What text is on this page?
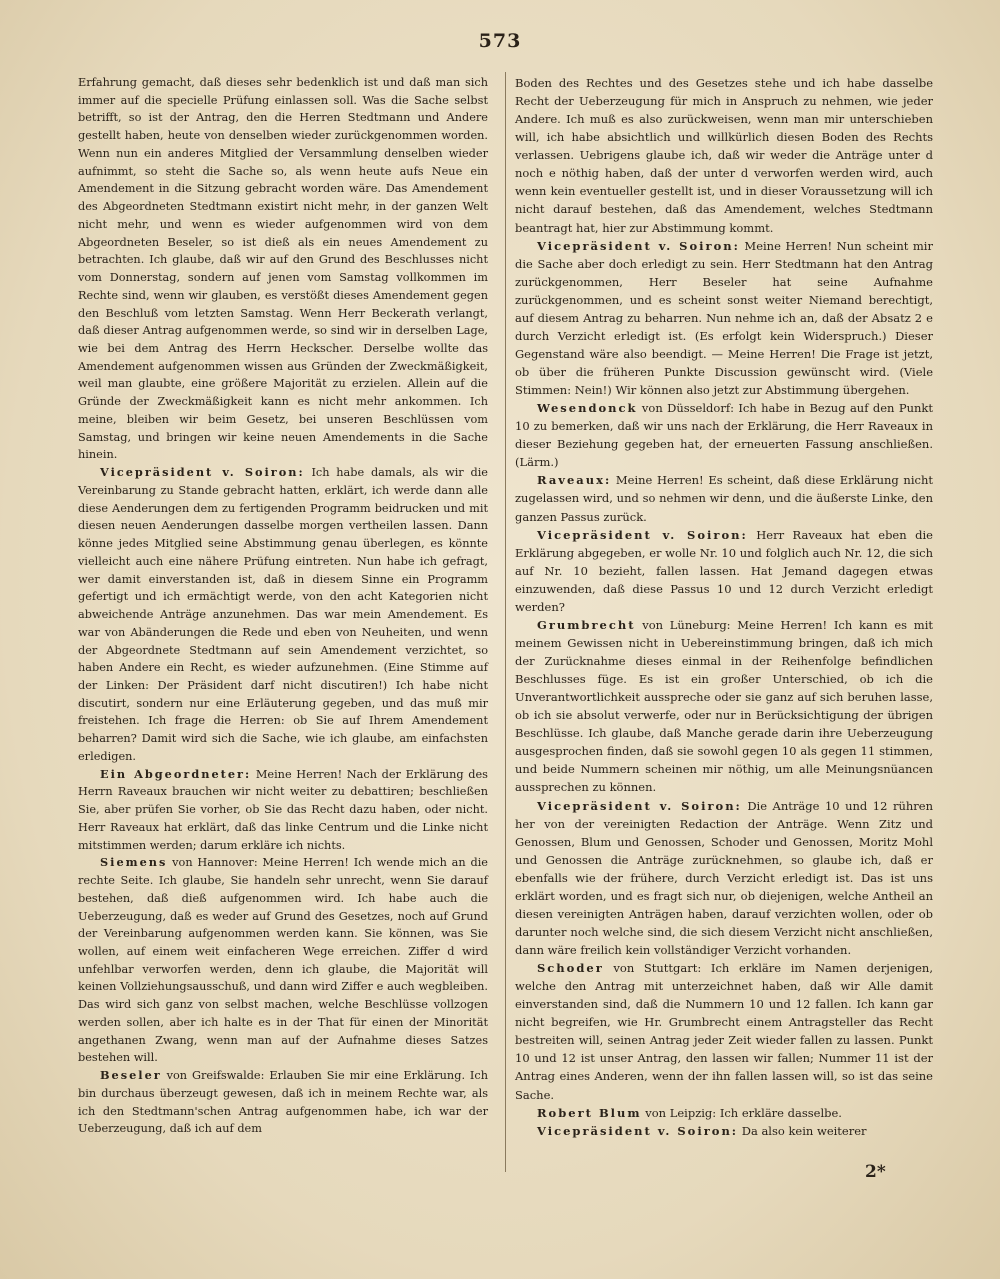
573

Erfahrung gemacht, daß dieses sehr bedenklich ist und daß man sich immer auf die specielle Prüfung einlassen soll. Was die Sache selbst betrifft, so ist der Antrag, den die Herren Stedtmann und Andere gestellt haben, heute von denselben wieder zurückgenommen worden. Wenn nun ein anderes Mitglied der Versammlung denselben wieder aufnimmt, so steht die Sache so, als wenn heute aufs Neue ein Amendement in die Sitzung gebracht worden wäre. Das Amendement des Abgeordneten Stedtmann existirt nicht mehr, in der ganzen Welt nicht mehr, und wenn es wieder aufgenommen wird von dem Abgeordneten Beseler, so ist dieß als ein neues Amendement zu betrachten. Ich glaube, daß wir auf den Grund des Beschlusses nicht vom Donnerstag, sondern auf jenen vom Samstag vollkommen im Rechte sind, wenn wir glauben, es verstößt dieses Amendement gegen den Beschluß vom letzten Samstag. Wenn Herr Beckerath verlangt, daß dieser Antrag aufgenommen werde, so sind wir in derselben Lage, wie bei dem Antrag des Herrn Heckscher. Derselbe wollte das Amendement aufgenommen wissen aus Gründen der Zweckmäßigkeit, weil man glaubte, eine größere Majorität zu erzielen. Allein auf die Gründe der Zweckmäßigkeit kann es nicht mehr ankommen. Ich meine, bleiben wir beim Gesetz, bei unseren Beschlüssen vom Samstag, und bringen wir keine neuen Amendements in die Sache hinein.

Vicepräsident v. Soiron: Ich habe damals, als wir die Vereinbarung zu Stande gebracht hatten, erklärt, ich werde dann alle diese Aenderungen dem zu fertigenden Programm beidrucken und mit diesen neuen Aenderungen dasselbe morgen vertheilen lassen. Dann könne jedes Mitglied seine Abstimmung genau überlegen, es könnte vielleicht auch eine nähere Prüfung eintreten. Nun habe ich gefragt, wer damit einverstanden ist, daß in diesem Sinne ein Programm gefertigt und ich ermächtigt werde, von den acht Kategorien nicht abweichende Anträge anzunehmen. Das war mein Amendement. Es war von Abänderungen die Rede und eben von Neuheiten, und wenn der Abgeordnete Stedtmann auf sein Amendement verzichtet, so haben Andere ein Recht, es wieder aufzunehmen. (Eine Stimme auf der Linken: Der Präsident darf nicht discutiren!) Ich habe nicht discutirt, sondern nur eine Erläuterung gegeben, und das muß mir freistehen. Ich frage die Herren: ob Sie auf Ihrem Amendement beharren? Damit wird sich die Sache, wie ich glaube, am einfachsten erledigen.

Ein Abgeordneter: Meine Herren! Nach der Erklärung des Herrn Raveaux brauchen wir nicht weiter zu debattiren; beschließen Sie, aber prüfen Sie vorher, ob Sie das Recht dazu haben, oder nicht. Herr Raveaux hat erklärt, daß das linke Centrum und die Linke nicht mitstimmen werden; darum erkläre ich nichts.

Siemens von Hannover: Meine Herren! Ich wende mich an die rechte Seite. Ich glaube, Sie handeln sehr unrecht, wenn Sie darauf bestehen, daß dieß aufgenommen wird. Ich habe auch die Ueberzeugung, daß es weder auf Grund des Gesetzes, noch auf Grund der Vereinbarung aufgenommen werden kann. Sie können, was Sie wollen, auf einem weit einfacheren Wege erreichen. Ziffer d wird unfehlbar verworfen werden, denn ich glaube, die Majorität will keinen Vollziehungsausschuß, und dann wird Ziffer e auch wegbleiben. Das wird sich ganz von selbst machen, welche Beschlüsse vollzogen werden sollen, aber ich halte es in der That für einen der Minorität angethanen Zwang, wenn man auf der Aufnahme dieses Satzes bestehen will.

Beseler von Greifswalde: Erlauben Sie mir eine Erklärung. Ich bin durchaus überzeugt gewesen, daß ich in meinem Rechte war, als ich den Stedtmann'schen Antrag aufgenommen habe, ich war der Ueberzeugung, daß ich auf dem

Boden des Rechtes und des Gesetzes stehe und ich habe dasselbe Recht der Ueberzeugung für mich in Anspruch zu nehmen, wie jeder Andere. Ich muß es also zurückweisen, wenn man mir unterschieben will, ich habe absichtlich und willkürlich diesen Boden des Rechts verlassen. Uebrigens glaube ich, daß wir weder die Anträge unter d noch e nöthig haben, daß der unter d verworfen werden wird, auch wenn kein eventueller gestellt ist, und in dieser Voraussetzung will ich nicht darauf bestehen, daß das Amendement, welches Stedtmann beantragt hat, hier zur Abstimmung kommt.

Vicepräsident v. Soiron: Meine Herren! Nun scheint mir die Sache aber doch erledigt zu sein. Herr Stedtmann hat den Antrag zurückgenommen, Herr Beseler hat seine Aufnahme zurückgenommen, und es scheint sonst weiter Niemand berechtigt, auf diesem Antrag zu beharren. Nun nehme ich an, daß der Absatz 2 e durch Verzicht erledigt ist. (Es erfolgt kein Widerspruch.) Dieser Gegenstand wäre also beendigt. — Meine Herren! Die Frage ist jetzt, ob über die früheren Punkte Discussion gewünscht wird. (Viele Stimmen: Nein!) Wir können also jetzt zur Abstimmung übergehen.

Wesendonck von Düsseldorf: Ich habe in Bezug auf den Punkt 10 zu bemerken, daß wir uns nach der Erklärung, die Herr Raveaux in dieser Beziehung gegeben hat, der erneuerten Fassung anschließen. (Lärm.)

Raveaux: Meine Herren! Es scheint, daß diese Erklärung nicht zugelassen wird, und so nehmen wir denn, und die äußerste Linke, den ganzen Passus zurück.

Vicepräsident v. Soiron: Herr Raveaux hat eben die Erklärung abgegeben, er wolle Nr. 10 und folglich auch Nr. 12, die sich auf Nr. 10 bezieht, fallen lassen. Hat Jemand dagegen etwas einzuwenden, daß diese Passus 10 und 12 durch Verzicht erledigt werden?

Grumbrecht von Lüneburg: Meine Herren! Ich kann es mit meinem Gewissen nicht in Uebereinstimmung bringen, daß ich mich der Zurücknahme dieses einmal in der Reihenfolge befindlichen Beschlusses füge. Es ist ein großer Unterschied, ob ich die Unverantwortlichkeit ausspreche oder sie ganz auf sich beruhen lasse, ob ich sie absolut verwerfe, oder nur in Berücksichtigung der übrigen Beschlüsse. Ich glaube, daß Manche gerade darin ihre Ueberzeugung ausgesprochen finden, daß sie sowohl gegen 10 als gegen 11 stimmen, und beide Nummern scheinen mir nöthig, um alle Meinungsnüancen aussprechen zu können.

Vicepräsident v. Soiron: Die Anträge 10 und 12 rühren her von der vereinigten Redaction der Anträge. Wenn Zitz und Genossen, Blum und Genossen, Schoder und Genossen, Moritz Mohl und Genossen die Anträge zurücknehmen, so glaube ich, daß er ebenfalls wie der frühere, durch Verzicht erledigt ist. Das ist uns erklärt worden, und es fragt sich nur, ob diejenigen, welche Antheil an diesen vereinigten Anträgen haben, darauf verzichten wollen, oder ob darunter noch welche sind, die sich diesem Verzicht nicht anschließen, dann wäre freilich kein vollständiger Verzicht vorhanden.

Schoder von Stuttgart: Ich erkläre im Namen derjenigen, welche den Antrag mit unterzeichnet haben, daß wir Alle damit einverstanden sind, daß die Nummern 10 und 12 fallen. Ich kann gar nicht begreifen, wie Hr. Grumbrecht einem Antragsteller das Recht bestreiten will, seinen Antrag jeder Zeit wieder fallen zu lassen. Punkt 10 und 12 ist unser Antrag, den lassen wir fallen; Nummer 11 ist der Antrag eines Anderen, wenn der ihn fallen lassen will, so ist das seine Sache.

Robert Blum von Leipzig: Ich erkläre dasselbe.

Vicepräsident v. Soiron: Da also kein weiterer

2*
